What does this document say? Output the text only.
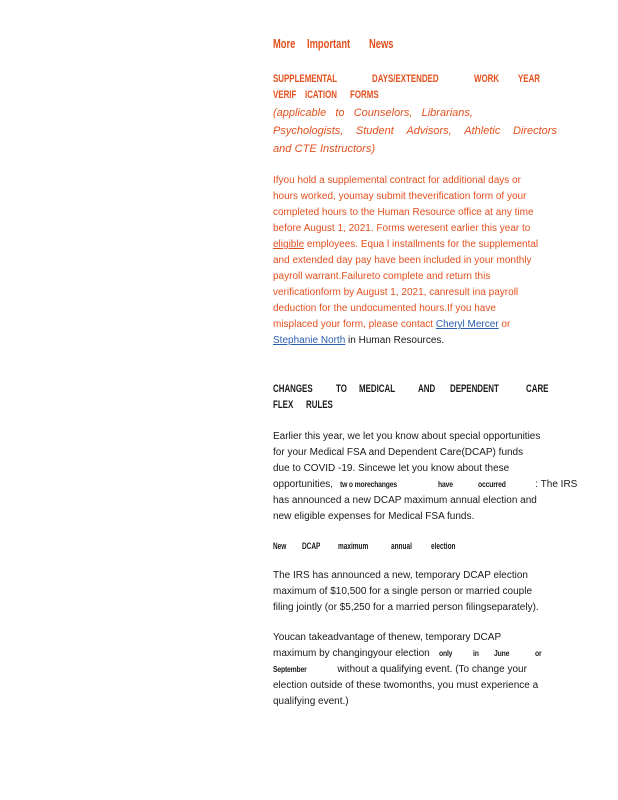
More Important News
SUPPLEMENTAL	DAYS/EXTENDED	WORK YEAR
VERIF ICATION FORMS
(applicable to Counselors, Librarians,
Psychologists, Student Advisors, Athletic Directors
and CTE Instructors)
Ifyou hold a supplemental contract for additional days or
hours worked, youmay submit theverification form of your
completed hours to the Human Resource office at any time
before August 1, 2021. Forms weresent earlier this year to
eligible employees. Equa l installments for the supplemental
and extended day pay have been included in your monthly
payroll warrant.Failureto complete and return this
verificationform by August 1, 2021, canresult ina payroll
deduction for the undocumented hours.If you have
misplaced your form, please contact Cheryl Mercer or
Stephanie North in Human Resources.
CHANGES TO MEDICAL AND DEPENDENT CARE
FLEX RULES
Earlier this year, we let you know about special opportunities
for your Medical FSA and Dependent Care(DCAP) funds
due to COVID -19. Sincewe let you know about these
opportunities, tw o morechanges	have	occurred	: The IRS
has announced a new DCAP maximum annual election and
new eligible expenses for Medical FSA funds.
New DCAP maximum annual election
The IRS has announced a new, temporary DCAP election
maximum of $10,500 for a single person or married couple
filing jointly (or $5,250 for a married person filingseparately).
Youcan takeadvantage of thenew, temporary DCAP
maximum by changingyour election only	in June	or
September	without a qualifying event. (To change your
election outside of these twomonths, you must experience a
qualifying event.)
